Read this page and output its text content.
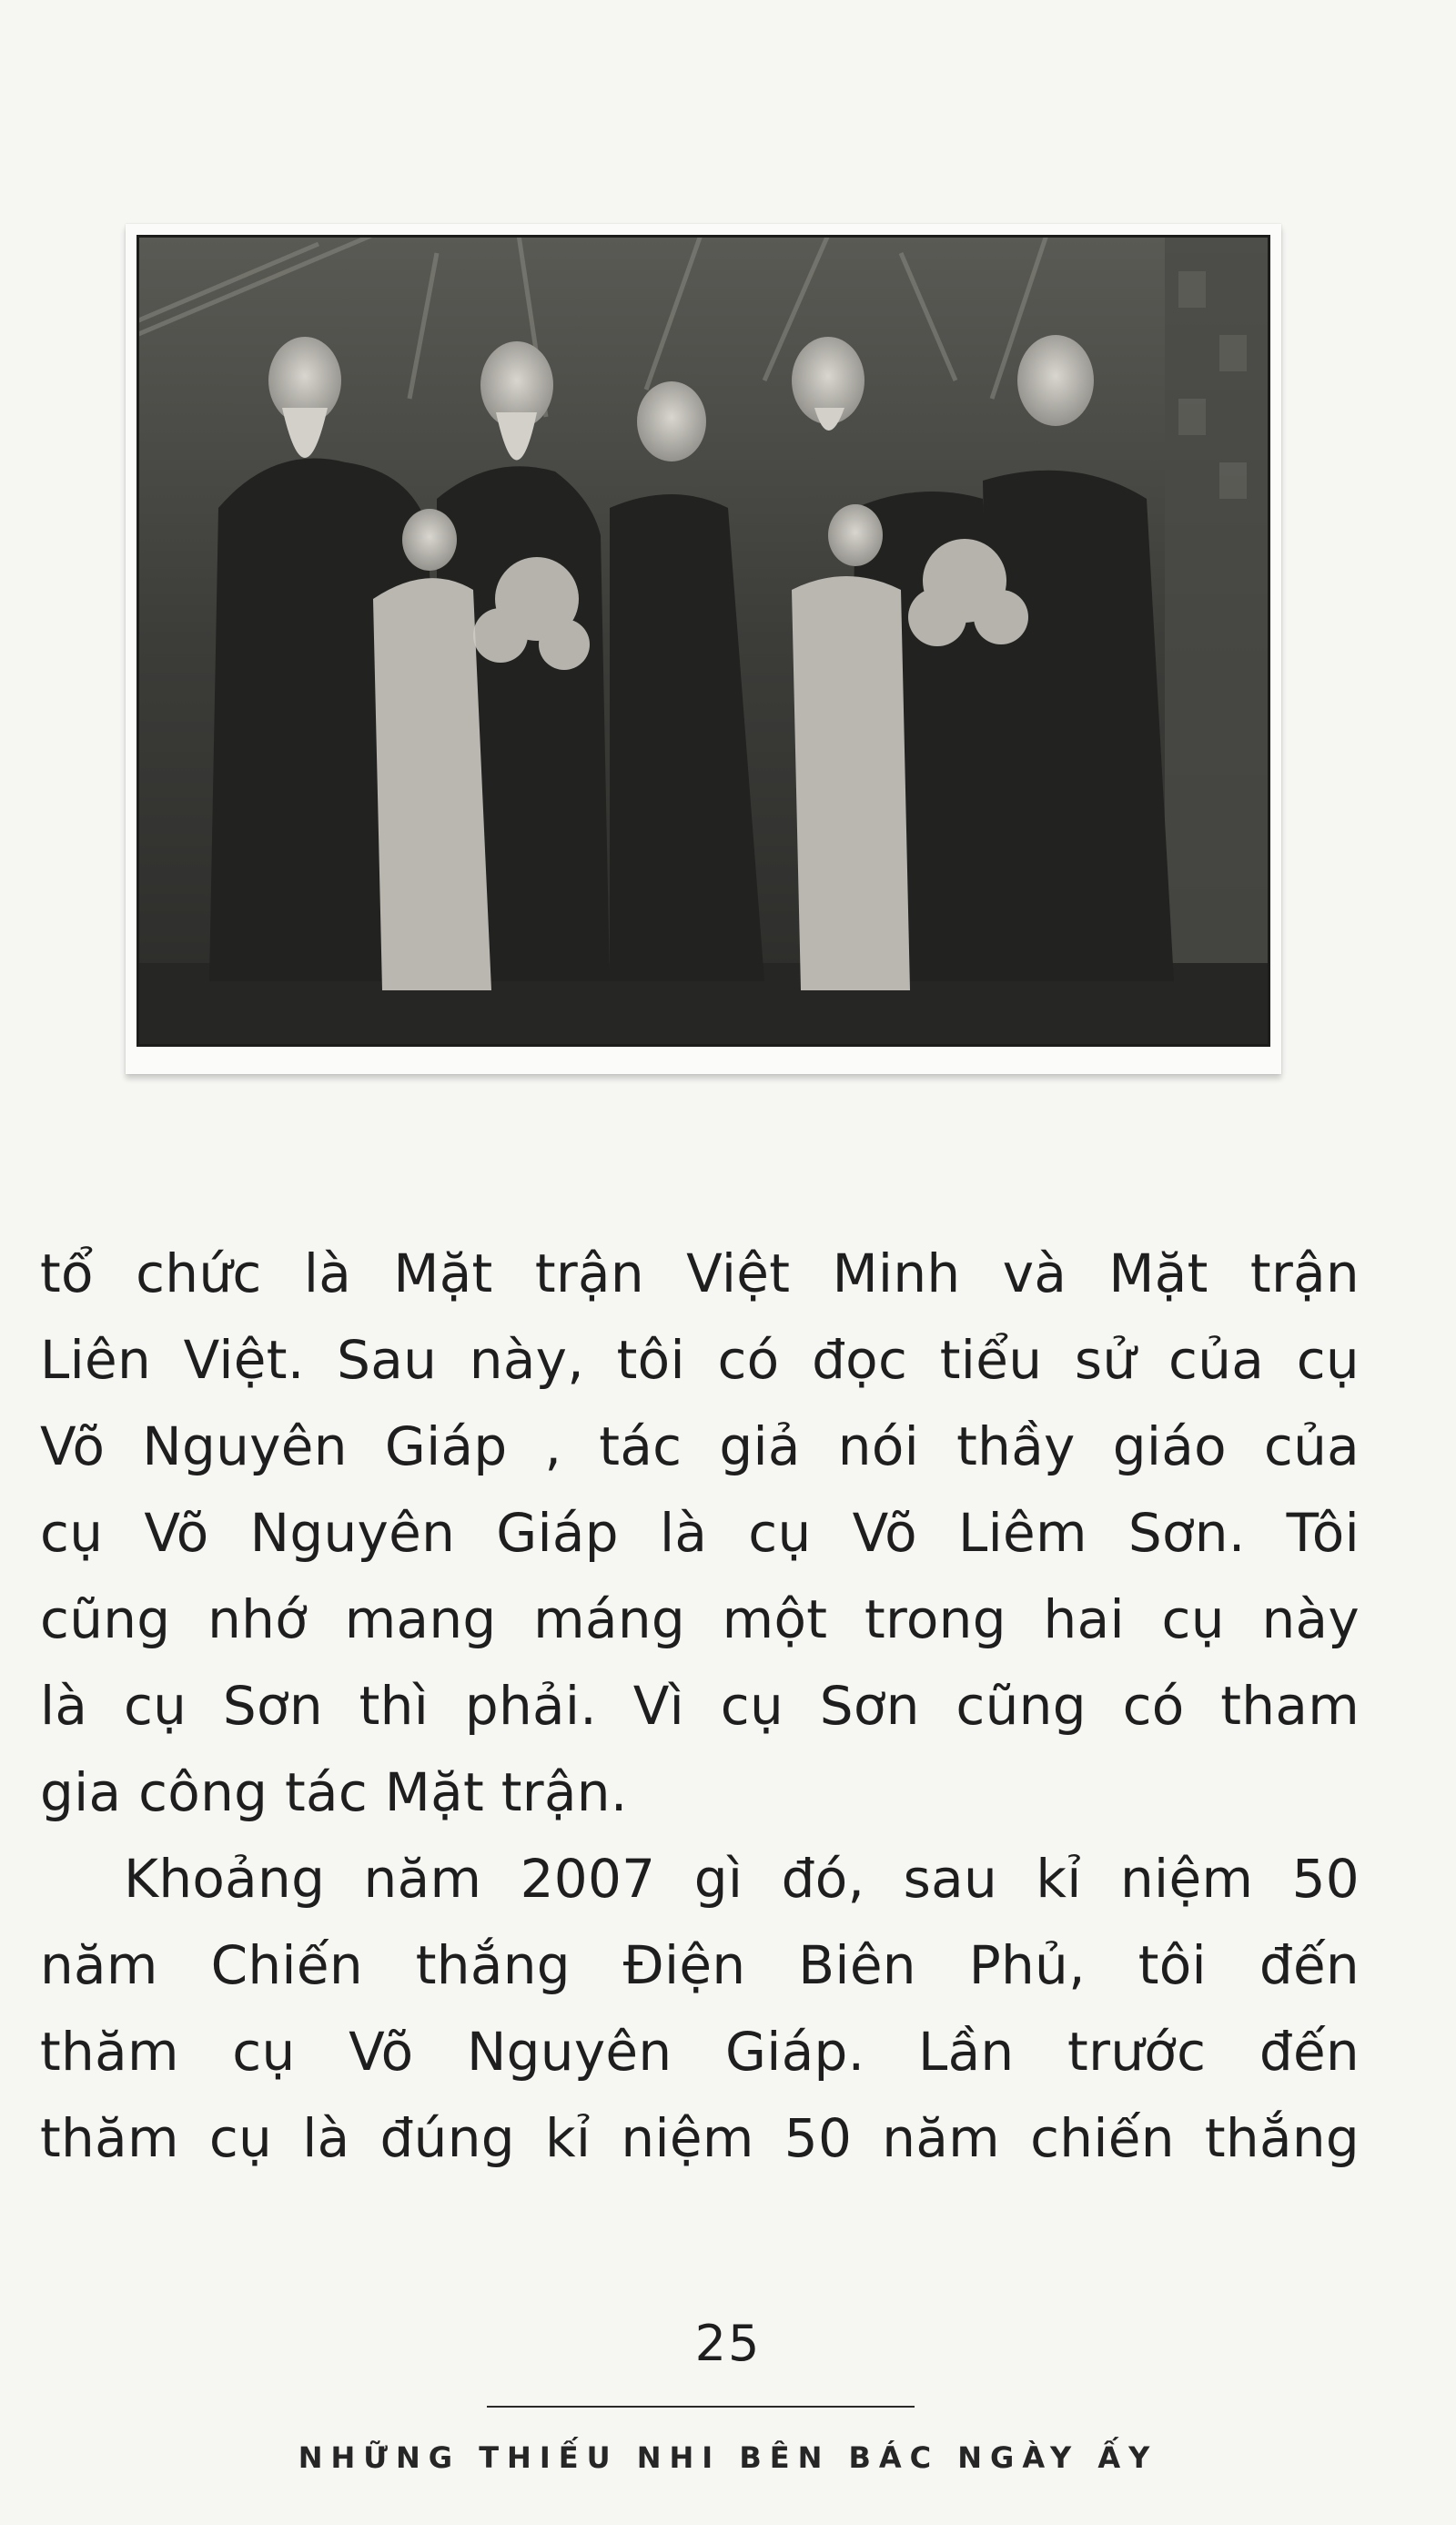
tổ chức là Mặt trận Việt Minh và Mặt trận
Liên Việt. Sau này, tôi có đọc tiểu sử của cụ
Võ Nguyên Giáp , tác giả nói thầy giáo của
cụ Võ Nguyên Giáp là cụ Võ Liêm Sơn. Tôi
cũng nhớ mang máng một trong hai cụ này
là cụ Sơn thì phải. Vì cụ Sơn cũng có tham
gia công tác Mặt trận.
Khoảng năm 2007 gì đó, sau kỉ niệm 50
năm Chiến thắng Điện Biên Phủ, tôi đến
thăm cụ Võ Nguyên Giáp. Lần trước đến
thăm cụ là đúng kỉ niệm 50 năm chiến thắng
25
NHỮNG THIẾU NHI BÊN BÁC NGÀY ẤY
